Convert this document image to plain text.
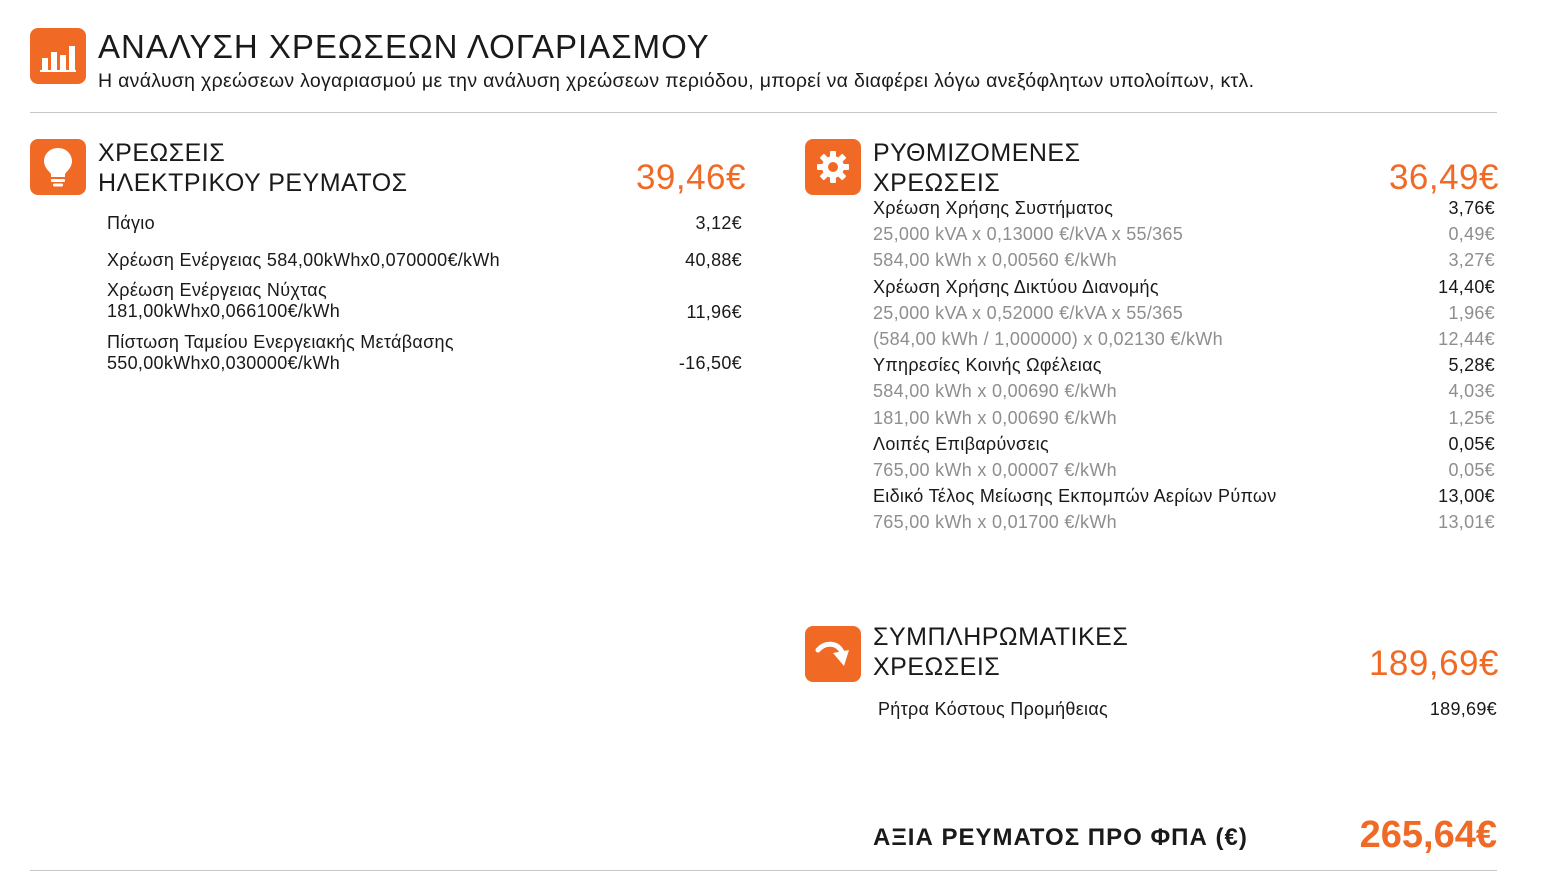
ΑΝΑΛΥΣΗ ΧΡΕΩΣΕΩΝ ΛΟΓΑΡΙΑΣΜΟΥ
Η ανάλυση χρεώσεων λογαριασμού με την ανάλυση χρεώσεων περιόδου, μπορεί να διαφέρει λόγω ανεξόφλητων υπολοίπων, κτλ.
ΧΡΕΩΣΕΙΣ
ΗΛΕΚΤΡΙΚΟΥ ΡΕΥΜΑΤΟΣ	39,46€
Πάγιο	3,12€
Χρέωση Ενέργειας 584,00kWhx0,070000€/kWh	40,88€
Χρέωση Ενέργειας Νύχτας
181,00kWhx0,066100€/kWh	11,96€
Πίστωση Ταμείου Ενεργειακής Μετάβασης
550,00kWhx0,030000€/kWh	-16,50€
ΡΥΘΜΙΖΟΜΕΝΕΣ
ΧΡΕΩΣΕΙΣ	36,49€
Χρέωση Χρήσης Συστήματος	3,76€
25,000 kVA x 0,13000 €/kVA x 55/365	0,49€
584,00 kWh x 0,00560 €/kWh	3,27€
Χρέωση Χρήσης Δικτύου Διανομής	14,40€
25,000 kVA x 0,52000 €/kVA x 55/365	1,96€
(584,00 kWh / 1,000000) x 0,02130 €/kWh	12,44€
Υπηρεσίες Κοινής Ωφέλειας	5,28€
584,00 kWh x 0,00690 €/kWh	4,03€
181,00 kWh x 0,00690 €/kWh	1,25€
Λοιπές Επιβαρύνσεις	0,05€
765,00 kWh x 0,00007 €/kWh	0,05€
Ειδικό Τέλος Μείωσης Εκπομπών Αερίων Ρύπων	13,00€
765,00 kWh x 0,01700 €/kWh	13,01€
ΣΥΜΠΛΗΡΩΜΑΤΙΚΕΣ
ΧΡΕΩΣΕΙΣ	189,69€
Ρήτρα Κόστους Προμήθειας	189,69€
ΑΞΙΑ ΡΕΥΜΑΤΟΣ ΠΡΟ ΦΠΑ (€)	265,64€
